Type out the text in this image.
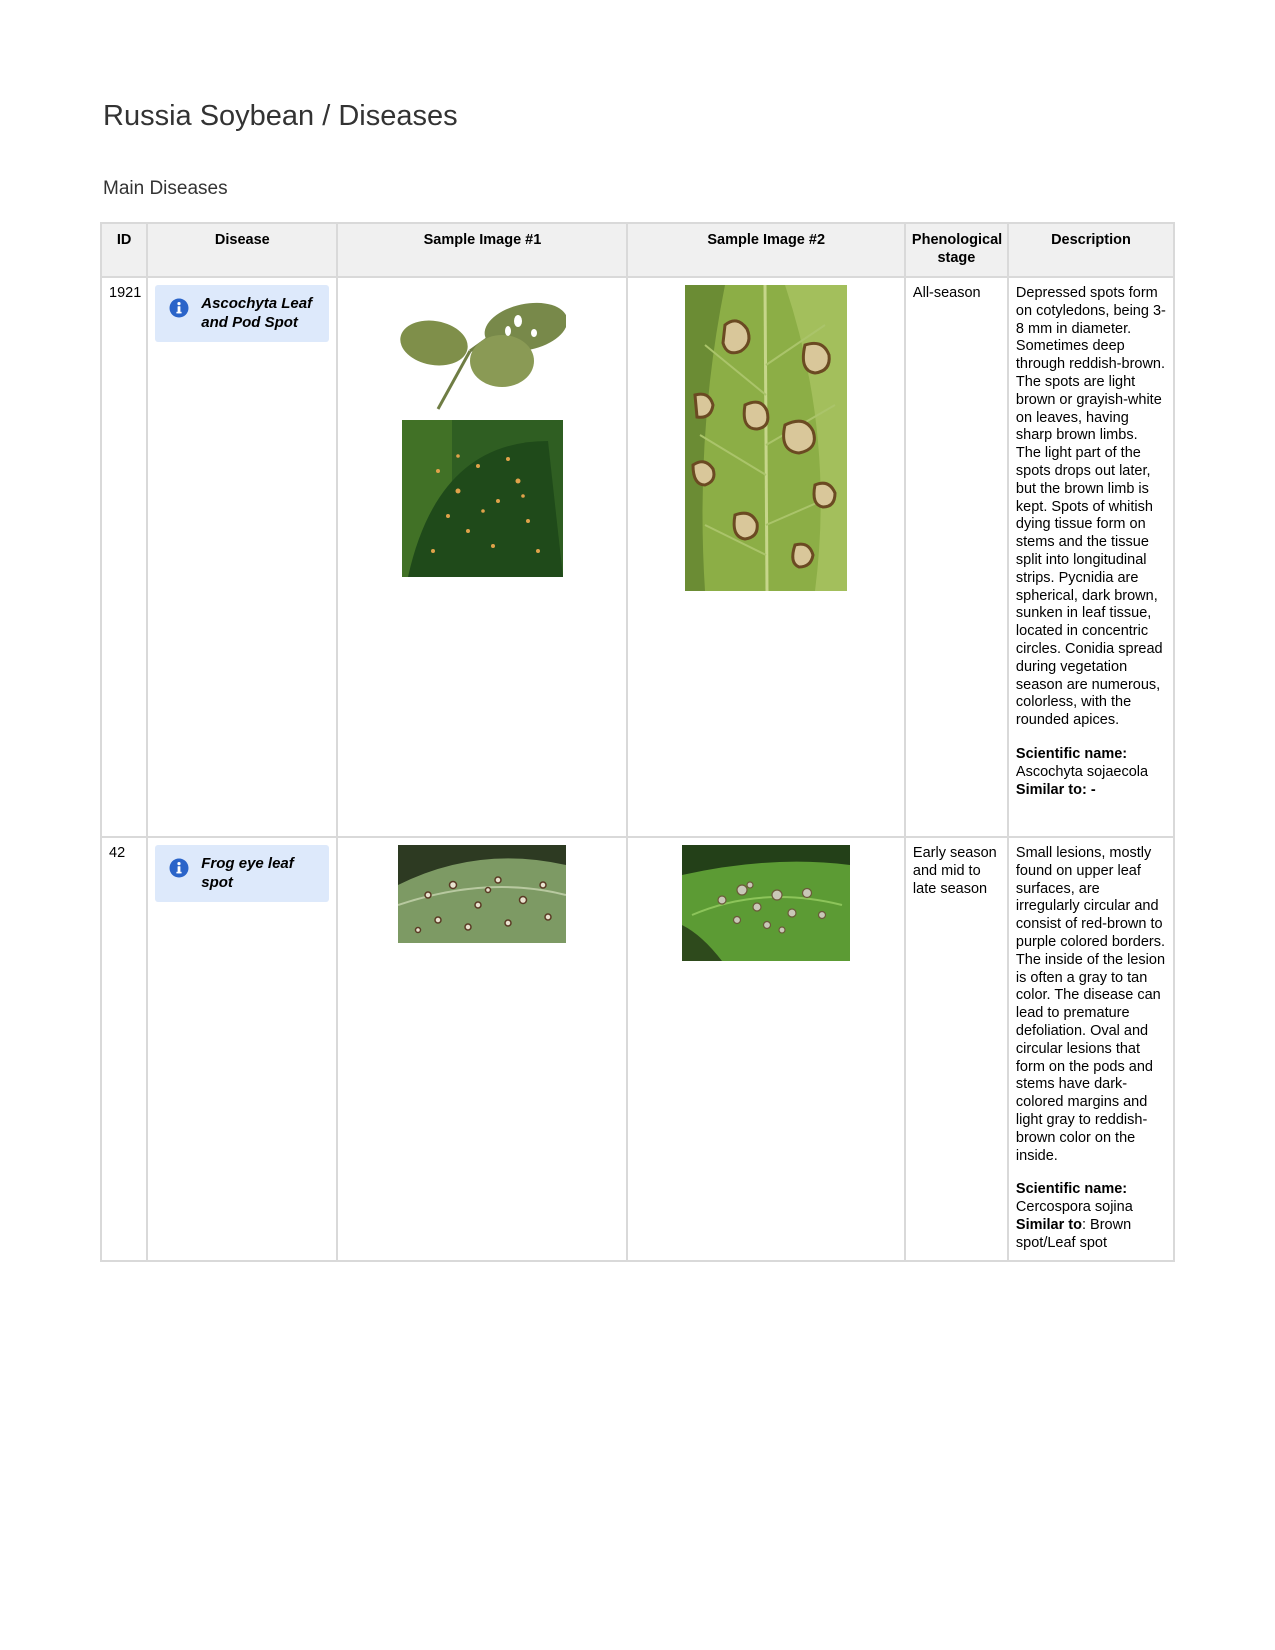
Russia Soybean / Diseases
Main Diseases
ID	Disease	Sample Image #1	Sample Image #2	Phenological stage	Description
1921	Ascochyta Leaf and Pod Spot			All-season	Depressed spots form on cotyledons, being 3-8 mm in diameter. Sometimes deep through reddish-brown. The spots are light brown or grayish-white on leaves, having sharp brown limbs. The light part of the spots drops out later, but the brown limb is kept. Spots of whitish dying tissue form on stems and the tissue split into longitudinal strips. Pycnidia are spherical, dark brown, sunken in leaf tissue, located in concentric circles. Conidia spread during vegetation season are numerous, colorless, with the rounded apices.

Scientific name: Ascochyta sojaecola
Similar to: -

42	Frog eye leaf spot			Early season and mid to late season	Small lesions, mostly found on upper leaf surfaces, are irregularly circular and consist of red-brown to purple colored borders. The inside of the lesion is often a gray to tan color. The disease can lead to premature defoliation. Oval and circular lesions that form on the pods and stems have dark-colored margins and light gray to reddish-brown color on the inside.

Scientific name: Cercospora sojina
Similar to: Brown spot/Leaf spot
